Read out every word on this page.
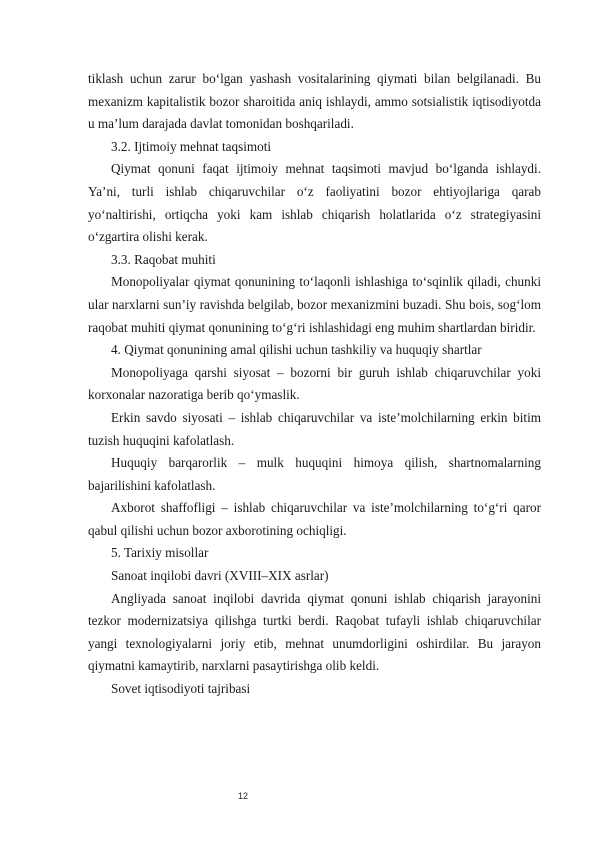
tiklash uchun zarur bo‘lgan yashash vositalarining qiymati bilan belgilanadi. Bu mexanizm kapitalistik bozor sharoitida aniq ishlaydi, ammo sotsialistik iqtisodiyotda u ma’lum darajada davlat tomonidan boshqariladi.

3.2. Ijtimoiy mehnat taqsimoti

Qiymat qonuni faqat ijtimoiy mehnat taqsimoti mavjud bo‘lganda ishlaydi. Ya’ni, turli ishlab chiqaruvchilar o‘z faoliyatini bozor ehtiyojlariga qarab yo‘naltirishi, ortiqcha yoki kam ishlab chiqarish holatlarida o‘z strategiyasini o‘zgartira olishi kerak.

3.3. Raqobat muhiti

Monopoliyalar qiymat qonunining to‘laqonli ishlashiga to‘sqinlik qiladi, chunki ular narxlarni sun’iy ravishda belgilab, bozor mexanizmini buzadi. Shu bois, sog‘lom raqobat muhiti qiymat qonunining to‘g‘ri ishlashidagi eng muhim shartlardan biridir.

4. Qiymat qonunining amal qilishi uchun tashkiliy va huquqiy shartlar

Monopoliyaga qarshi siyosat – bozorni bir guruh ishlab chiqaruvchilar yoki korxonalar nazoratiga berib qo‘ymaslik.

Erkin savdo siyosati – ishlab chiqaruvchilar va iste’molchilarning erkin bitim tuzish huquqini kafolatlash.

Huquqiy barqarorlik – mulk huquqini himoya qilish, shartnomalarning bajarilishini kafolatlash.

Axborot shaffofligi – ishlab chiqaruvchilar va iste’molchilarning to‘g‘ri qaror qabul qilishi uchun bozor axborotining ochiqligi.

5. Tarixiy misollar

Sanoat inqilobi davri (XVIII–XIX asrlar)

Angliyada sanoat inqilobi davrida qiymat qonuni ishlab chiqarish jarayonini tezkor modernizatsiya qilishga turtki berdi. Raqobat tufayli ishlab chiqaruvchilar yangi texnologiyalarni joriy etib, mehnat unumdorligini oshirdilar. Bu jarayon qiymatni kamaytirib, narxlarni pasaytirishga olib keldi.

Sovet iqtisodiyoti tajribasi

12
